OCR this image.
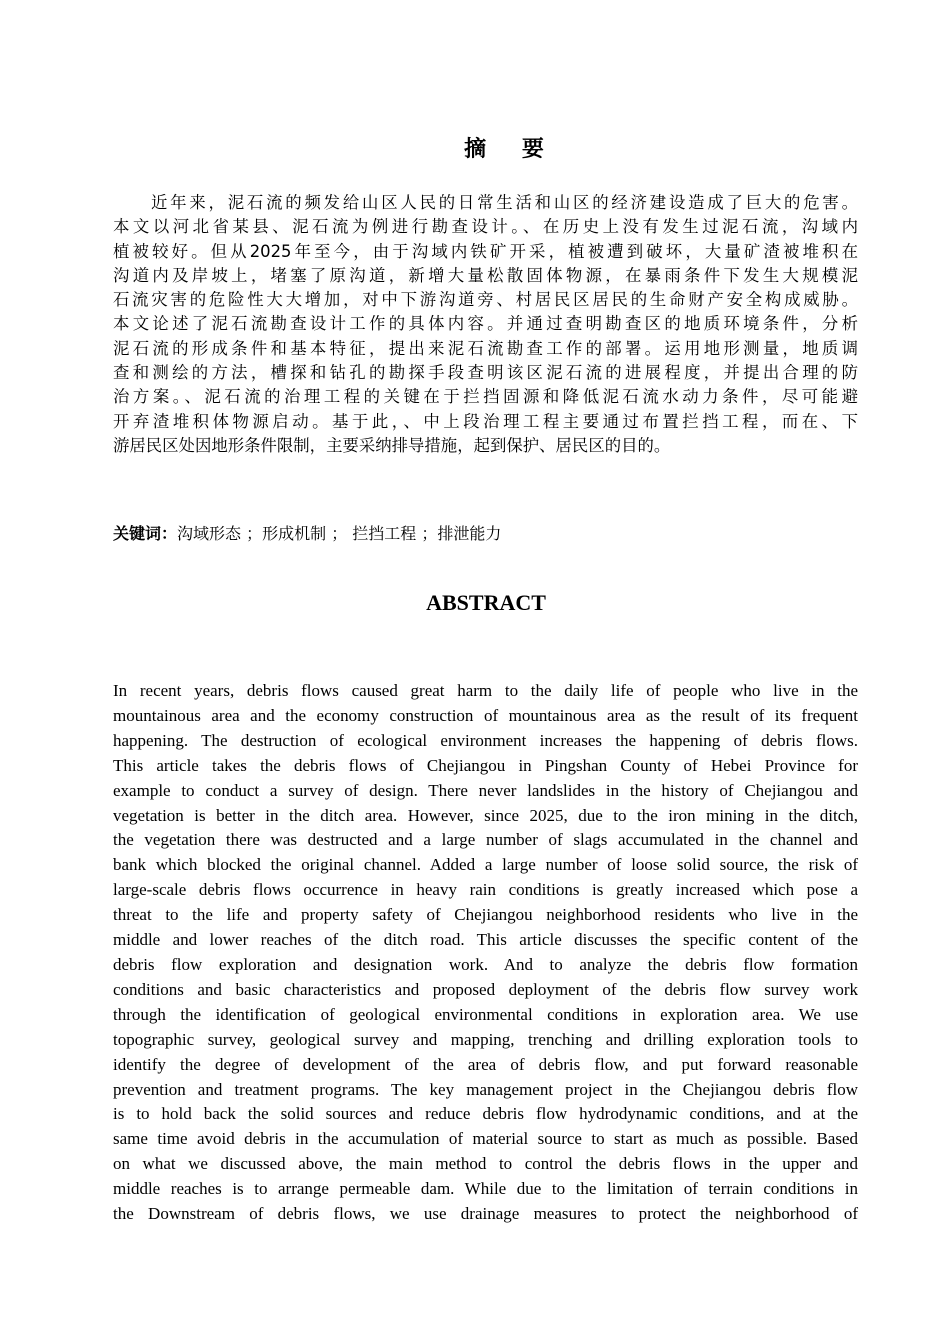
摘 要
近年来，泥石流的频发给山区人民的日常生活和山区的经济建设造成了巨大的危害。
本文以河北省某县、泥石流为例进行勘查设计。、在历史上没有发生过泥石流，沟域内
植被较好。但从2025年至今，由于沟域内铁矿开采，植被遭到破坏，大量矿渣被堆积在
沟道内及岸坡上，堵塞了原沟道，新增大量松散固体物源，在暴雨条件下发生大规模泥
石流灾害的危险性大大增加，对中下游沟道旁、村居民区居民的生命财产安全构成威胁。
本文论述了泥石流勘查设计工作的具体内容。并通过查明勘查区的地质环境条件，分析
泥石流的形成条件和基本特征，提出来泥石流勘查工作的部署。运用地形测量，地质调
查和测绘的方法，槽探和钻孔的勘探手段查明该区泥石流的进展程度，并提出合理的防
治方案。、泥石流的治理工程的关键在于拦挡固源和降低泥石流水动力条件，尽可能避
开弃渣堆积体物源启动。基于此，、中上段治理工程主要通过布置拦挡工程，而在、下
游居民区处因地形条件限制，主要采纳排导措施，起到保护、居民区的目的。
关键词：沟域形态 ；形成机制 ； 拦挡工程 ；排泄能力
ABSTRACT
In recent years, debris flows caused great harm to the daily life of people who live in the
mountainous area and the economy construction of mountainous area as the result of its frequent
happening. The destruction of ecological environment increases the happening of debris flows.
This article takes the debris flows of Chejiangou in Pingshan County of Hebei Province for
example to conduct a survey of design. There never landslides in the history of Chejiangou and
vegetation is better in the ditch area. However, since 2025, due to the iron mining in the ditch,
the vegetation there was destructed and a large number of slags accumulated in the channel and
bank which blocked the original channel. Added a large number of loose solid source, the risk of
large-scale debris flows occurrence in heavy rain conditions is greatly increased which pose a
threat to the life and property safety of Chejiangou neighborhood residents who live in the
middle and lower reaches of the ditch road. This article discusses the specific content of the
debris flow exploration and designation work. And to analyze the debris flow formation
conditions and basic characteristics and proposed deployment of the debris flow survey work
through the identification of geological environmental conditions in exploration area. We use
topographic survey, geological survey and mapping, trenching and drilling exploration tools to
identify the degree of development of the area of debris flow, and put forward reasonable
prevention and treatment programs. The key management project in the Chejiangou debris flow
is to hold back the solid sources and reduce debris flow hydrodynamic conditions, and at the
same time avoid debris in the accumulation of material source to start as much as possible. Based
on what we discussed above, the main method to control the debris flows in the upper and
middle reaches is to arrange permeable dam. While due to the limitation of terrain conditions in
the Downstream of debris flows, we use drainage measures to protect the neighborhood of
